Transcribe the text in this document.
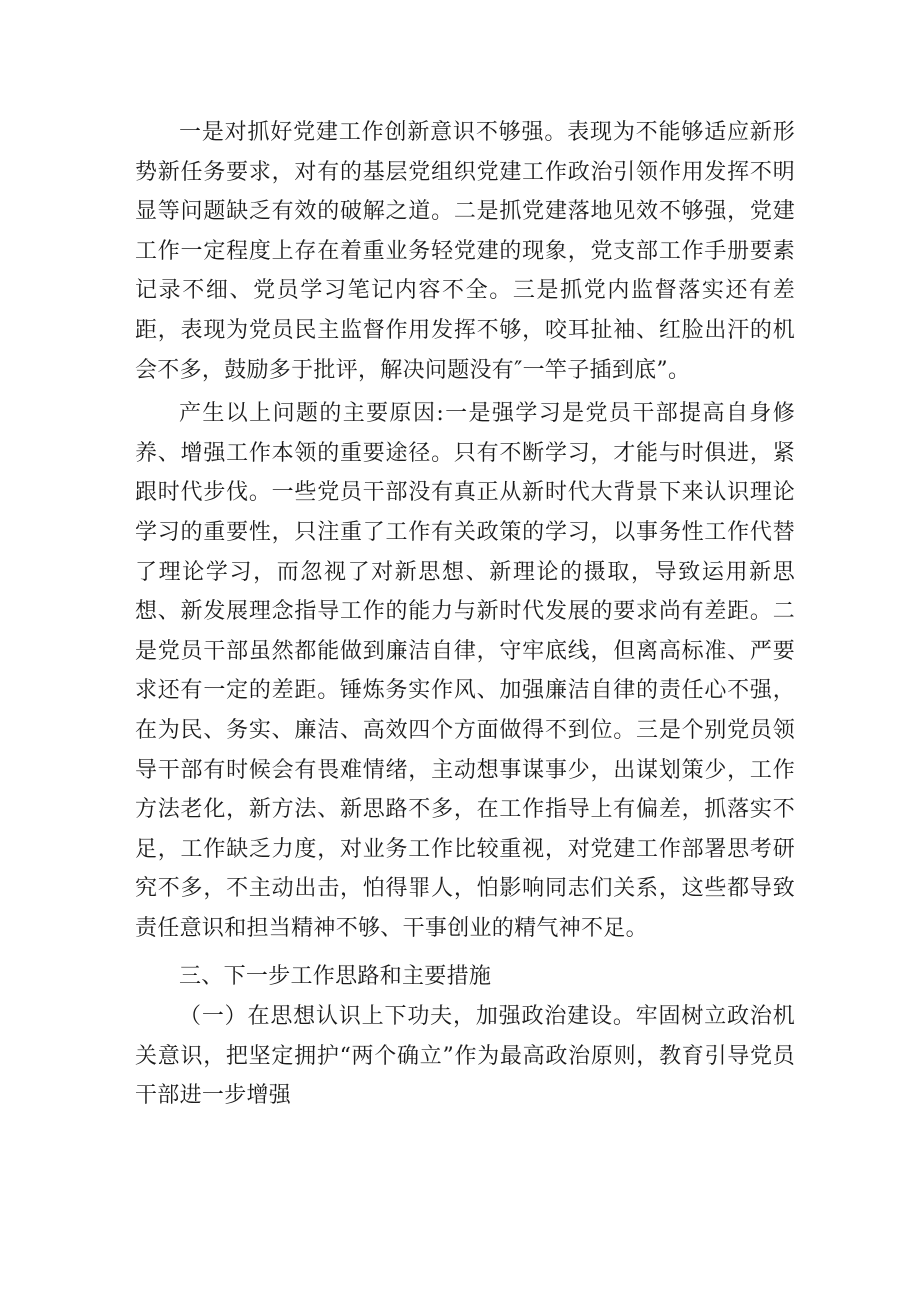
一是对抓好党建工作创新意识不够强。表现为不能够适应新形势新任务要求，对有的基层党组织党建工作政治引领作用发挥不明显等问题缺乏有效的破解之道。二是抓党建落地见效不够强，党建工作一定程度上存在着重业务轻党建的现象，党支部工作手册要素记录不细、党员学习笔记内容不全。三是抓党内监督落实还有差距，表现为党员民主监督作用发挥不够，咬耳扯袖、红脸出汗的机会不多，鼓励多于批评，解决问题没有″一竿子插到底”。

产生以上问题的主要原因:一是强学习是党员干部提高自身修养、增强工作本领的重要途径。只有不断学习，才能与时俱进，紧跟时代步伐。一些党员干部没有真正从新时代大背景下来认识理论学习的重要性，只注重了工作有关政策的学习，以事务性工作代替了理论学习，而忽视了对新思想、新理论的摄取，导致运用新思想、新发展理念指导工作的能力与新时代发展的要求尚有差距。二是党员干部虽然都能做到廉洁自律，守牢底线，但离高标准、严要求还有一定的差距。锤炼务实作风、加强廉洁自律的责任心不强，在为民、务实、廉洁、高效四个方面做得不到位。三是个别党员领导干部有时候会有畏难情绪，主动想事谋事少，出谋划策少，工作方法老化，新方法、新思路不多，在工作指导上有偏差，抓落实不足，工作缺乏力度，对业务工作比较重视，对党建工作部署思考研究不多，不主动出击，怕得罪人，怕影响同志们关系，这些都导致责任意识和担当精神不够、干事创业的精气神不足。

三、下一步工作思路和主要措施

（一）在思想认识上下功夫，加强政治建设。牢固树立政治机关意识，把坚定拥护“两个确立”作为最高政治原则，教育引导党员干部进一步增强
